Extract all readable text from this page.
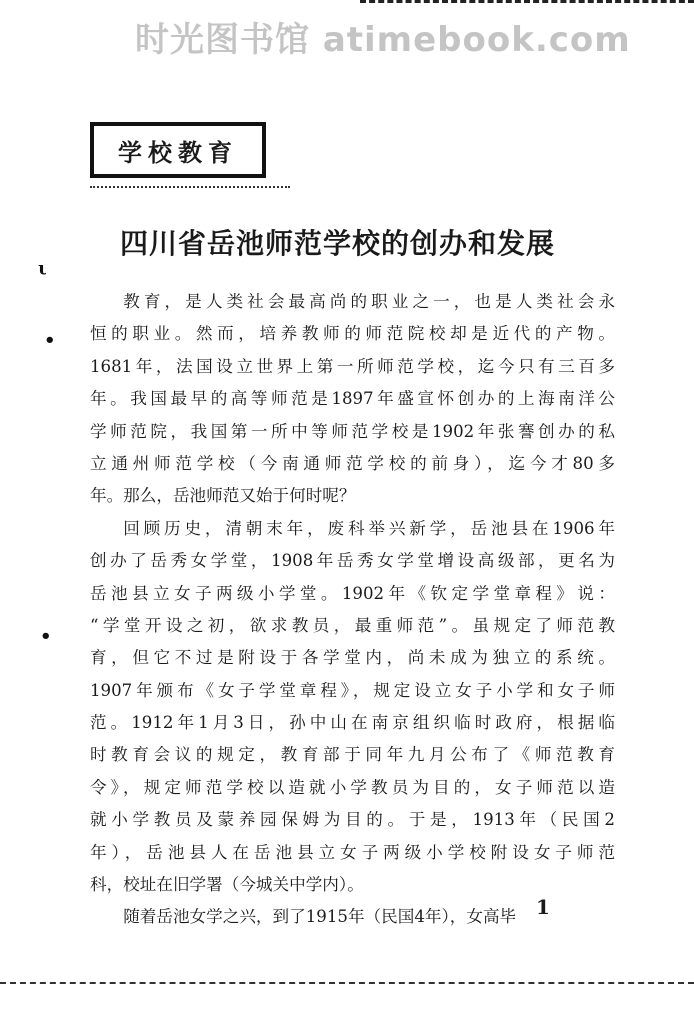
时光图书馆 atimebook.com
学校教育
四川省岳池师范学校的创办和发展
ι
•
•
教育，是人类社会最高尚的职业之一，也是人类社会永
恒的职业。然而，培养教师的师范院校却是近代的产物。
1681年，法国设立世界上第一所师范学校，迄今只有三百多
年。我国最早的高等师范是1897年盛宣怀创办的上海南洋公
学师范院，我国第一所中等师范学校是1902年张謇创办的私
立通州师范学校（今南通师范学校的前身），迄今才80多
年。那么，岳池师范又始于何时呢？
回顾历史，清朝末年，废科举兴新学，岳池县在1906年
创办了岳秀女学堂，1908年岳秀女学堂增设高级部，更名为
岳池县立女子两级小学堂。1902年《钦定学堂章程》说：
“学堂开设之初，欲求教员，最重师范”。虽规定了师范教
育，但它不过是附设于各学堂内，尚未成为独立的系统。
1907年颁布《女子学堂章程》，规定设立女子小学和女子师
范。1912年1月3日，孙中山在南京组织临时政府，根据临
时教育会议的规定，教育部于同年九月公布了《师范教育
令》，规定师范学校以造就小学教员为目的，女子师范以造
就小学教员及蒙养园保姆为目的。于是，1913年（民国2
年），岳池县人在岳池县立女子两级小学校附设女子师范
科，校址在旧学署（今城关中学内）。
随着岳池女学之兴，到了1915年（民国4年），女高毕 1
